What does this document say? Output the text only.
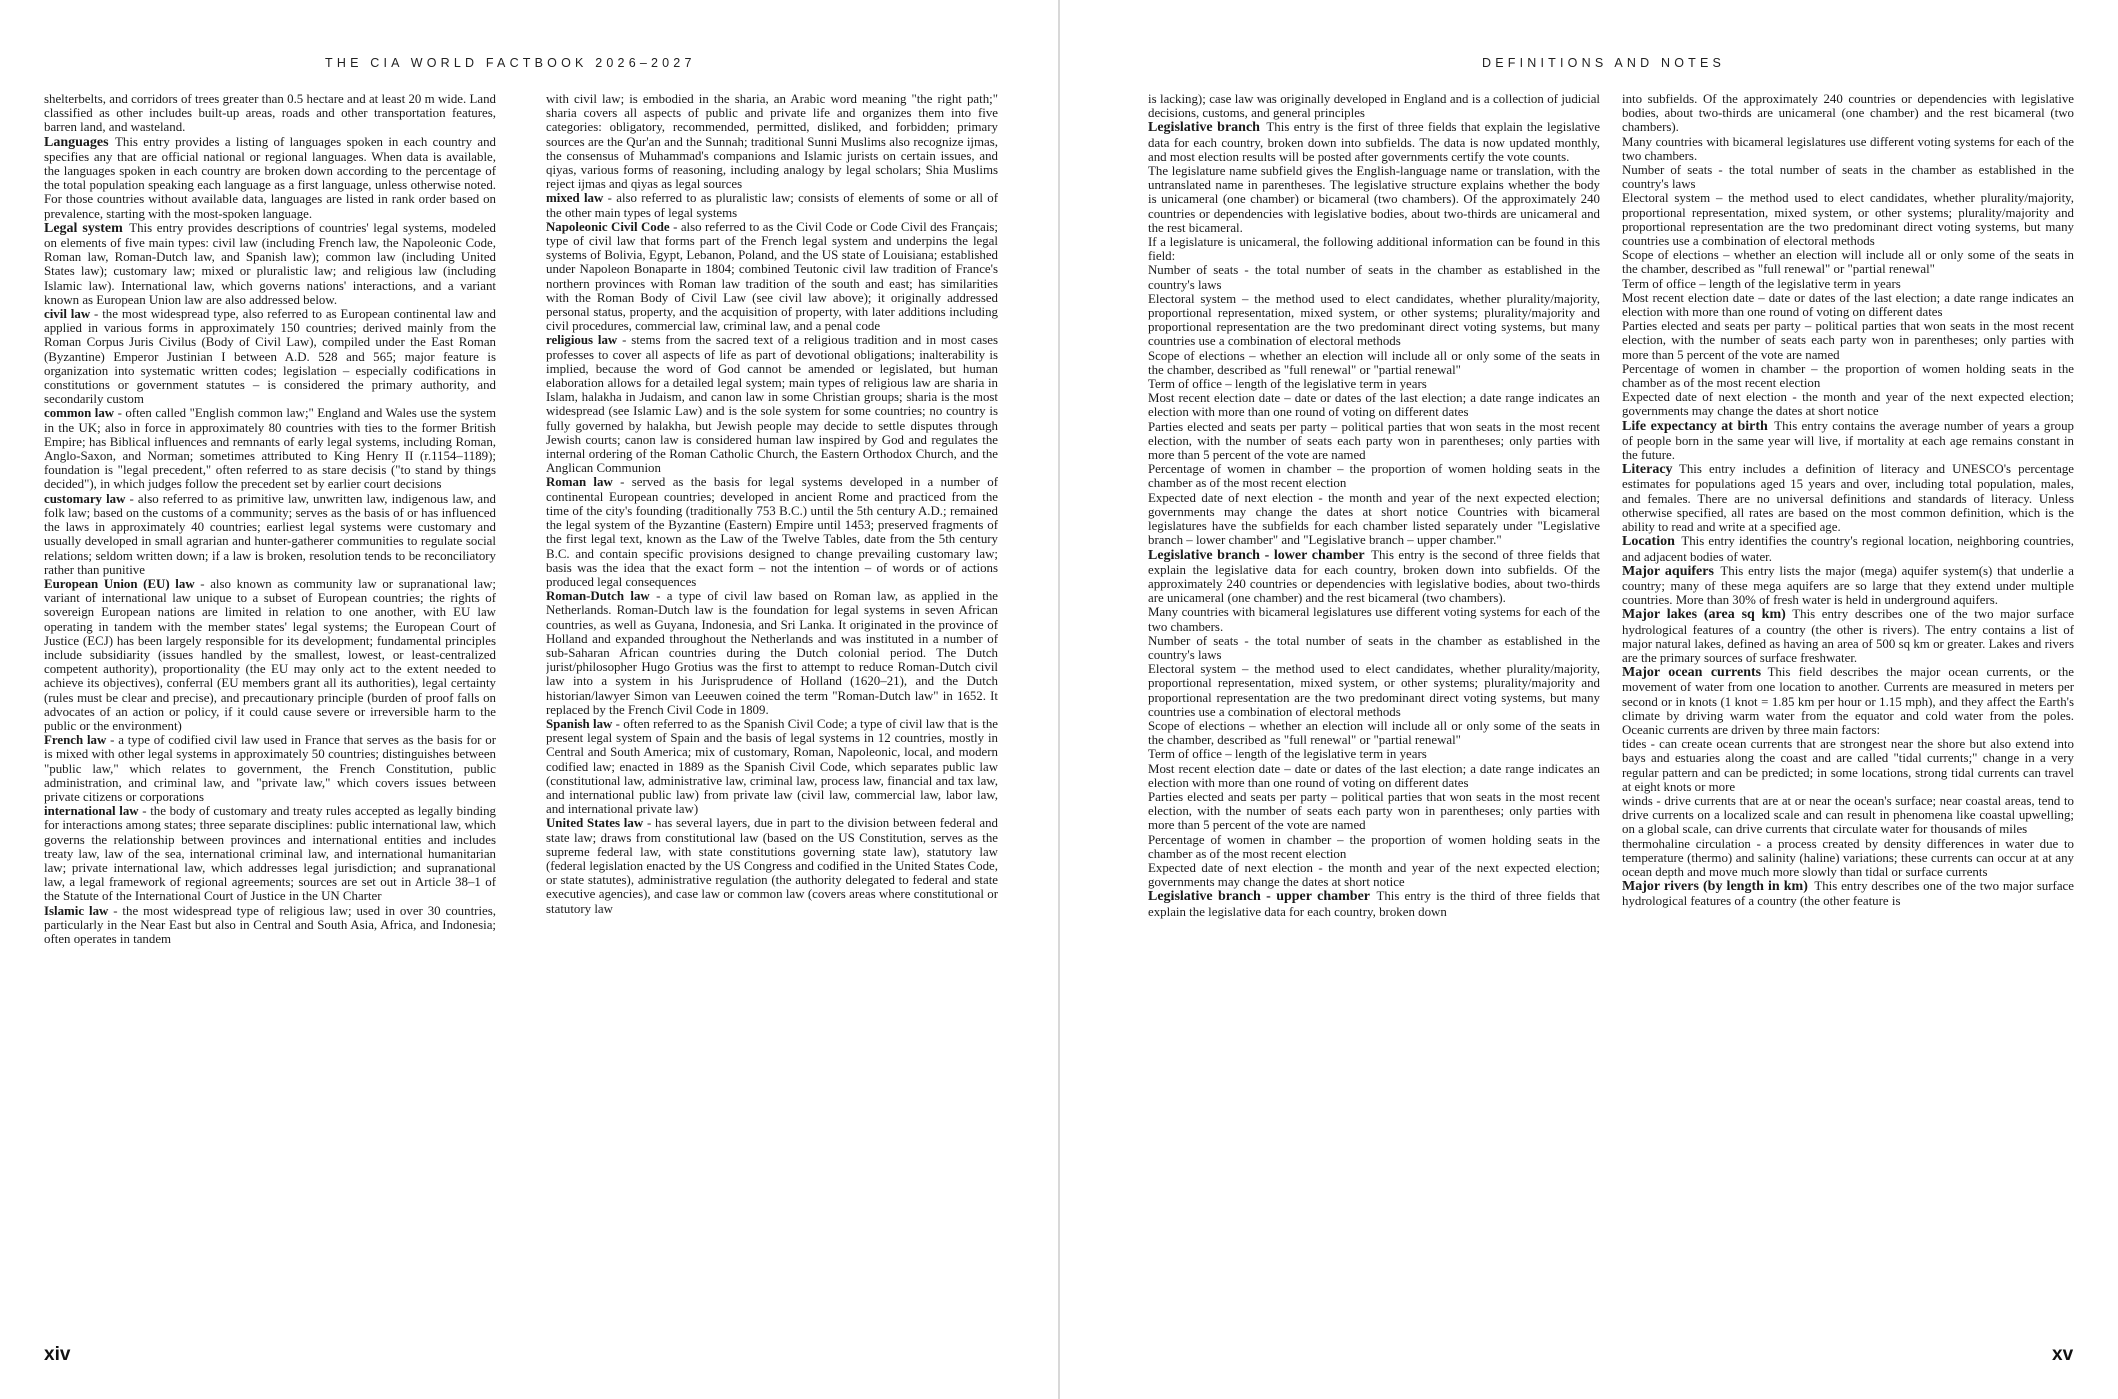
THE CIA WORLD FACTBOOK 2026–2027	DEFINITIONS AND NOTES

shelterbelts, and corridors of trees greater than 0.5 hectare and at least 20 m wide. Land classified as other includes built-up areas, roads and other transportation features, barren land, and wasteland.

Languages  This entry provides a listing of languages spoken in each country and specifies any that are official national or regional languages. When data is available, the languages spoken in each country are broken down according to the percentage of the total population speaking each language as a first language, unless otherwise noted. For those countries without available data, languages are listed in rank order based on prevalence, starting with the most-spoken language.

Legal system  This entry provides descriptions of countries' legal systems, modeled on elements of five main types: civil law (including French law, the Napoleonic Code, Roman law, Roman-Dutch law, and Spanish law); common law (including United States law); customary law; mixed or pluralistic law; and religious law (including Islamic law). International law, which governs nations' interactions, and a variant known as European Union law are also addressed below.

civil law - the most widespread type, also referred to as European continental law and applied in various forms in approximately 150 countries; derived mainly from the Roman Corpus Juris Civilus (Body of Civil Law), compiled under the East Roman (Byzantine) Emperor Justinian I between A.D. 528 and 565; major feature is organization into systematic written codes; legislation – especially codifications in constitutions or government statutes – is considered the primary authority, and secondarily custom

common law - often called "English common law;" England and Wales use the system in the UK; also in force in approximately 80 countries with ties to the former British Empire; has Biblical influences and remnants of early legal systems, including Roman, Anglo-Saxon, and Norman; sometimes attributed to King Henry II (r.1154–1189); foundation is "legal precedent," often referred to as stare decisis ("to stand by things decided"), in which judges follow the precedent set by earlier court decisions

customary law - also referred to as primitive law, unwritten law, indigenous law, and folk law; based on the customs of a community; serves as the basis of or has influenced the laws in approximately 40 countries; earliest legal systems were customary and usually developed in small agrarian and hunter-gatherer communities to regulate social relations; seldom written down; if a law is broken, resolution tends to be reconciliatory rather than punitive

European Union (EU) law - also known as community law or supranational law; variant of international law unique to a subset of European countries; the rights of sovereign European nations are limited in relation to one another, with EU law operating in tandem with the member states' legal systems; the European Court of Justice (ECJ) has been largely responsible for its development; fundamental principles include subsidiarity (issues handled by the smallest, lowest, or least-centralized competent authority), proportionality (the EU may only act to the extent needed to achieve its objectives), conferral (EU members grant all its authorities), legal certainty (rules must be clear and precise), and precautionary principle (burden of proof falls on advocates of an action or policy, if it could cause severe or irreversible harm to the public or the environment)

French law - a type of codified civil law used in France that serves as the basis for or is mixed with other legal systems in approximately 50 countries; distinguishes between "public law," which relates to government, the French Constitution, public administration, and criminal law, and "private law," which covers issues between private citizens or corporations

international law - the body of customary and treaty rules accepted as legally binding for interactions among states; three separate disciplines: public international law, which governs the relationship between provinces and international entities and includes treaty law, law of the sea, international criminal law, and international humanitarian law; private international law, which addresses legal jurisdiction; and supranational law, a legal framework of regional agreements; sources are set out in Article 38–1 of the Statute of the International Court of Justice in the UN Charter

Islamic law - the most widespread type of religious law; used in over 30 countries, particularly in the Near East but also in Central and South Asia, Africa, and Indonesia; often operates in tandem

with civil law; is embodied in the sharia, an Arabic word meaning "the right path;" sharia covers all aspects of public and private life and organizes them into five categories: obligatory, recommended, permitted, disliked, and forbidden; primary sources are the Qur'an and the Sunnah; traditional Sunni Muslims also recognize ijmas, the consensus of Muhammad's companions and Islamic jurists on certain issues, and qiyas, various forms of reasoning, including analogy by legal scholars; Shia Muslims reject ijmas and qiyas as legal sources

mixed law - also referred to as pluralistic law; consists of elements of some or all of the other main types of legal systems

Napoleonic Civil Code - also referred to as the Civil Code or Code Civil des Français; type of civil law that forms part of the French legal system and underpins the legal systems of Bolivia, Egypt, Lebanon, Poland, and the US state of Louisiana; established under Napoleon Bonaparte in 1804; combined Teutonic civil law tradition of France's northern provinces with Roman law tradition of the south and east; has similarities with the Roman Body of Civil Law (see civil law above); it originally addressed personal status, property, and the acquisition of property, with later additions including civil procedures, commercial law, criminal law, and a penal code

religious law - stems from the sacred text of a religious tradition and in most cases professes to cover all aspects of life as part of devotional obligations; inalterability is implied, because the word of God cannot be amended or legislated, but human elaboration allows for a detailed legal system; main types of religious law are sharia in Islam, halakha in Judaism, and canon law in some Christian groups; sharia is the most widespread (see Islamic Law) and is the sole system for some countries; no country is fully governed by halakha, but Jewish people may decide to settle disputes through Jewish courts; canon law is considered human law inspired by God and regulates the internal ordering of the Roman Catholic Church, the Eastern Orthodox Church, and the Anglican Communion

Roman law - served as the basis for legal systems developed in a number of continental European countries; developed in ancient Rome and practiced from the time of the city's founding (traditionally 753 B.C.) until the 5th century A.D.; remained the legal system of the Byzantine (Eastern) Empire until 1453; preserved fragments of the first legal text, known as the Law of the Twelve Tables, date from the 5th century B.C. and contain specific provisions designed to change prevailing customary law; basis was the idea that the exact form – not the intention – of words or of actions produced legal consequences

Roman-Dutch law - a type of civil law based on Roman law, as applied in the Netherlands. Roman-Dutch law is the foundation for legal systems in seven African countries, as well as Guyana, Indonesia, and Sri Lanka. It originated in the province of Holland and expanded throughout the Netherlands and was instituted in a number of sub-Saharan African countries during the Dutch colonial period. The Dutch jurist/philosopher Hugo Grotius was the first to attempt to reduce Roman-Dutch civil law into a system in his Jurisprudence of Holland (1620–21), and the Dutch historian/lawyer Simon van Leeuwen coined the term "Roman-Dutch law" in 1652. It replaced by the French Civil Code in 1809.

Spanish law - often referred to as the Spanish Civil Code; a type of civil law that is the present legal system of Spain and the basis of legal systems in 12 countries, mostly in Central and South America; mix of customary, Roman, Napoleonic, local, and modern codified law; enacted in 1889 as the Spanish Civil Code, which separates public law (constitutional law, administrative law, criminal law, process law, financial and tax law, and international public law) from private law (civil law, commercial law, labor law, and international private law)

United States law - has several layers, due in part to the division between federal and state law; draws from constitutional law (based on the US Constitution, serves as the supreme federal law, with state constitutions governing state law), statutory law (federal legislation enacted by the US Congress and codified in the United States Code, or state statutes), administrative regulation (the authority delegated to federal and state executive agencies), and case law or common law (covers areas where constitutional or statutory law

is lacking); case law was originally developed in England and is a collection of judicial decisions, customs, and general principles

Legislative branch  This entry is the first of three fields that explain the legislative data for each country, broken down into subfields. The data is now updated monthly, and most election results will be posted after governments certify the vote counts.

The legislature name subfield gives the English-language name or translation, with the untranslated name in parentheses. The legislative structure explains whether the body is unicameral (one chamber) or bicameral (two chambers). Of the approximately 240 countries or dependencies with legislative bodies, about two-thirds are unicameral and the rest bicameral.

If a legislature is unicameral, the following additional information can be found in this field:

Number of seats - the total number of seats in the chamber as established in the country's laws

Electoral system – the method used to elect candidates, whether plurality/majority, proportional representation, mixed system, or other systems; plurality/majority and proportional representation are the two predominant direct voting systems, but many countries use a combination of electoral methods

Scope of elections – whether an election will include all or only some of the seats in the chamber, described as "full renewal" or "partial renewal"

Term of office – length of the legislative term in years

Most recent election date – date or dates of the last election; a date range indicates an election with more than one round of voting on different dates

Parties elected and seats per party – political parties that won seats in the most recent election, with the number of seats each party won in parentheses; only parties with more than 5 percent of the vote are named

Percentage of women in chamber – the proportion of women holding seats in the chamber as of the most recent election

Expected date of next election - the month and year of the next expected election; governments may change the dates at short notice Countries with bicameral legislatures have the subfields for each chamber listed separately under "Legislative branch – lower chamber" and "Legislative branch – upper chamber."

Legislative branch - lower chamber  This entry is the second of three fields that explain the legislative data for each country, broken down into subfields. Of the approximately 240 countries or dependencies with legislative bodies, about two-thirds are unicameral (one chamber) and the rest bicameral (two chambers).

Many countries with bicameral legislatures use different voting systems for each of the two chambers.

Number of seats - the total number of seats in the chamber as established in the country's laws

Electoral system – the method used to elect candidates, whether plurality/majority, proportional representation, mixed system, or other systems; plurality/majority and proportional representation are the two predominant direct voting systems, but many countries use a combination of electoral methods

Scope of elections – whether an election will include all or only some of the seats in the chamber, described as "full renewal" or "partial renewal"

Term of office – length of the legislative term in years

Most recent election date – date or dates of the last election; a date range indicates an election with more than one round of voting on different dates

Parties elected and seats per party – political parties that won seats in the most recent election, with the number of seats each party won in parentheses; only parties with more than 5 percent of the vote are named

Percentage of women in chamber – the proportion of women holding seats in the chamber as of the most recent election

Expected date of next election - the month and year of the next expected election; governments may change the dates at short notice

Legislative branch - upper chamber  This entry is the third of three fields that explain the legislative data for each country, broken down

into subfields. Of the approximately 240 countries or dependencies with legislative bodies, about two-thirds are unicameral (one chamber) and the rest bicameral (two chambers).

Many countries with bicameral legislatures use different voting systems for each of the two chambers.

Number of seats - the total number of seats in the chamber as established in the country's laws

Electoral system – the method used to elect candidates, whether plurality/majority, proportional representation, mixed system, or other systems; plurality/majority and proportional representation are the two predominant direct voting systems, but many countries use a combination of electoral methods

Scope of elections – whether an election will include all or only some of the seats in the chamber, described as "full renewal" or "partial renewal"

Term of office – length of the legislative term in years

Most recent election date – date or dates of the last election; a date range indicates an election with more than one round of voting on different dates

Parties elected and seats per party – political parties that won seats in the most recent election, with the number of seats each party won in parentheses; only parties with more than 5 percent of the vote are named

Percentage of women in chamber – the proportion of women holding seats in the chamber as of the most recent election

Expected date of next election - the month and year of the next expected election; governments may change the dates at short notice

Life expectancy at birth  This entry contains the average number of years a group of people born in the same year will live, if mortality at each age remains constant in the future.

Literacy  This entry includes a definition of literacy and UNESCO's percentage estimates for populations aged 15 years and over, including total population, males, and females. There are no universal definitions and standards of literacy. Unless otherwise specified, all rates are based on the most common definition, which is the ability to read and write at a specified age.

Location  This entry identifies the country's regional location, neighboring countries, and adjacent bodies of water.

Major aquifers  This entry lists the major (mega) aquifer system(s) that underlie a country; many of these mega aquifers are so large that they extend under multiple countries. More than 30% of fresh water is held in underground aquifers.

Major lakes (area sq km)  This entry describes one of the two major surface hydrological features of a country (the other is rivers). The entry contains a list of major natural lakes, defined as having an area of 500 sq km or greater. Lakes and rivers are the primary sources of surface freshwater.

Major ocean currents  This field describes the major ocean currents, or the movement of water from one location to another. Currents are measured in meters per second or in knots (1 knot = 1.85 km per hour or 1.15 mph), and they affect the Earth's climate by driving warm water from the equator and cold water from the poles. Oceanic currents are driven by three main factors:

tides - can create ocean currents that are strongest near the shore but also extend into bays and estuaries along the coast and are called "tidal currents;" change in a very regular pattern and can be predicted; in some locations, strong tidal currents can travel at eight knots or more

winds - drive currents that are at or near the ocean's surface; near coastal areas, tend to drive currents on a localized scale and can result in phenomena like coastal upwelling; on a global scale, can drive currents that circulate water for thousands of miles

thermohaline circulation - a process created by density differences in water due to temperature (thermo) and salinity (haline) variations; these currents can occur at at any ocean depth and move much more slowly than tidal or surface currents

Major rivers (by length in km)  This entry describes one of the two major surface hydrological features of a country (the other feature is

xiv	xv
